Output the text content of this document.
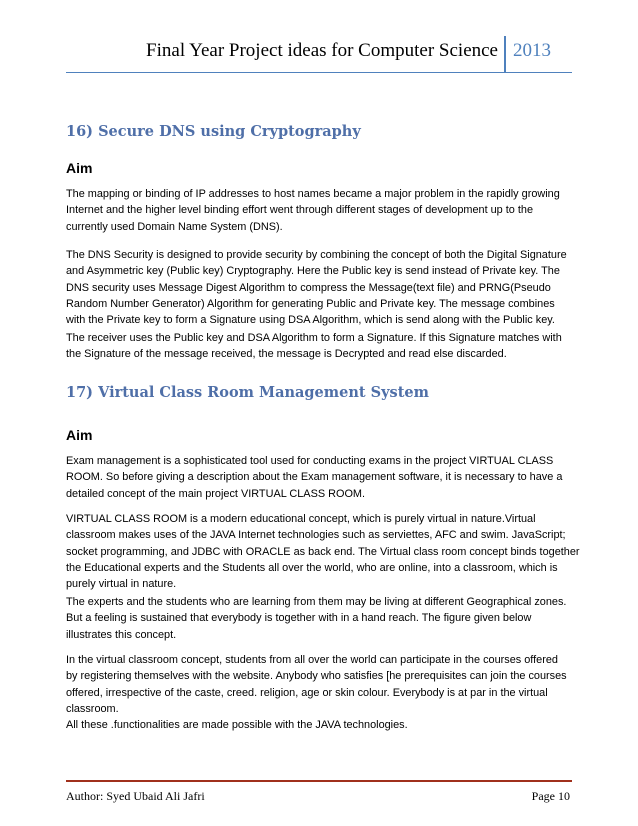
Final Year Project ideas for Computer Science 2013
16) Secure DNS using Cryptography
Aim

The mapping or binding of IP addresses to host names became a major problem in the rapidly growing
Internet and the higher level binding effort went through different stages of development up to the
currently used Domain Name System (DNS).

The DNS Security is designed to provide security by combining the concept of both the Digital Signature
and Asymmetric key (Public key) Cryptography. Here the Public key is send instead of Private key. The
DNS security uses Message Digest Algorithm to compress the Message(text file) and PRNG(Pseudo
Random Number Generator) Algorithm for generating Public and Private key. The message combines
with the Private key to form a Signature using DSA Algorithm, which is send along with the Public key.

The receiver uses the Public key and DSA Algorithm to form a Signature. If this Signature matches with
the Signature of the message received, the message is Decrypted and read else discarded.

17) Virtual Class Room Management System
Aim

Exam management is a sophisticated tool used for conducting exams in the project VIRTUAL CLASS
ROOM. So before giving a description about the Exam management software, it is necessary to have a
detailed concept of the main project VIRTUAL CLASS ROOM.

VIRTUAL CLASS ROOM is a modern educational concept, which is purely virtual in nature.Virtual
classroom makes uses of the JAVA Internet technologies such as serviettes, AFC and swim. JavaScript;
socket programming, and JDBC with ORACLE as back end. The Virtual class room concept binds together
the Educational experts and the Students all over the world, who are online, into a classroom, which is
purely virtual in nature.

The experts and the students who are learning from them may be living at different Geographical zones.
But a feeling is sustained that everybody is together with in a hand reach. The figure given below
illustrates this concept.

In the virtual classroom concept, students from all over the world can participate in the courses offered
by registering themselves with the website. Anybody who satisfies [he prerequisites can join the courses
offered, irrespective of the caste, creed. religion, age or skin colour. Everybody is at par in the virtual
classroom.
All these .functionalities are made possible with the JAVA technologies.

Author: Syed Ubaid Ali Jafri	Page 10
